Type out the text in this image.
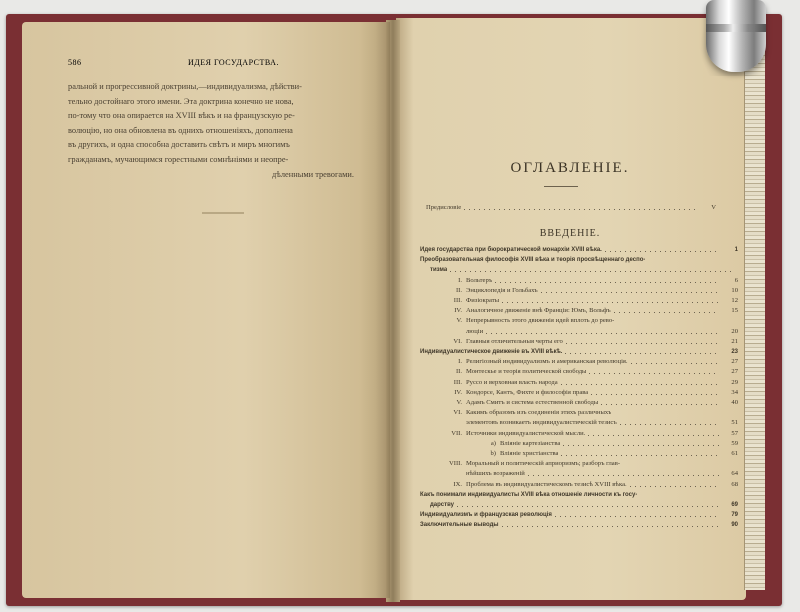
586	ИДЕЯ ГОСУДАРСТВА.

ральной и прогрессивной доктрины,—индивидуализма, дѣйстви-

тельно достойнаго этого имени. Эта доктрина конечно не нова,

по-тому что она опирается на XVIII вѣкъ и на французскую ре-

волюцію, но она обновлена въ однихъ отношеніяхъ, дополнена

въ другихъ, и одна способна доставить свѣтъ и миръ многимъ

гражданамъ, мучающимся горестными сомнѣніями и неопре-

дѣленными тревогами.	ОГЛАВЛЕНІЕ.
Предисловіе	V
ВВЕДЕНІЕ.
Идея государства при бюрократической монархіи XVIII вѣка.	1
Преобразовательная философія XVIII вѣка и теорія просвѣщеннаго деспо-
тизма
I. Вольтеръ	6
II. Энциклопедія и Гольбахъ	10
III. Физіократы	12
IV. Аналогичное движеніе внѣ Франціи: Юмъ, Вольфъ	15
V. Непрерывность этого движенія идей вплоть до рево-
люціи	20
VI. Главныя отличительныя черты его	21
Индивидуалистическое движеніе въ XVIII вѣкѣ.	23
I. Религіозный индивидуализмъ и американская революція.	27
II. Монтескье и теорія политической свободы	27
III. Руссо и верховная власть народа	29
IV. Кондорсе, Кантъ, Фихте и философія права	34
V. Адамъ Смитъ и система естественной свободы	40
VI. Какимъ образомъ изъ соединенія этихъ различныхъ
элементовъ возникаетъ индивидуалистическій тезисъ	51
VII. Источники индивидуалистической мысли.	57
a) Вліяніе картезіанства	59
b) Вліяніе христіанства	61
VIII. Моральный и политическій априоризмъ; разборъ глав-
нѣйшихъ возраженій	64
IX. Проблема въ индивидуалистическомъ тезисѣ XVIII вѣка.	68
Какъ понимали индивидуалисты XVIII вѣка отношеніе личности къ госу-
дарству	69
Индивидуализмъ и французская революція	79
Заключительные выводы	90
